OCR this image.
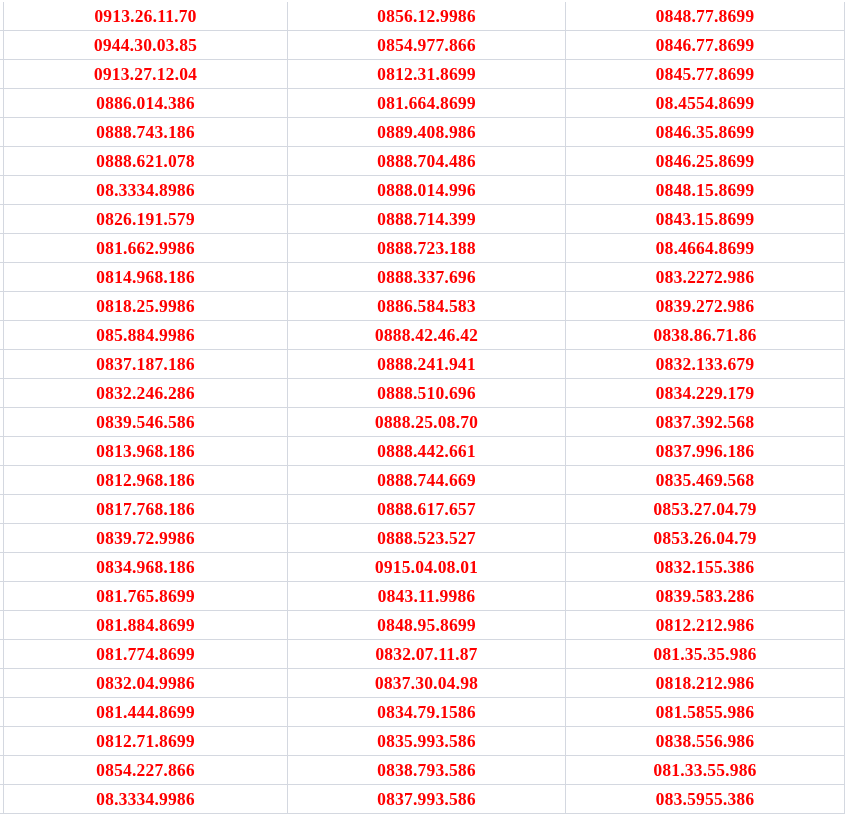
0913.26.11.70	0856.12.9986	0848.77.8699
0944.30.03.85	0854.977.866	0846.77.8699
0913.27.12.04	0812.31.8699	0845.77.8699
0886.014.386	081.664.8699	08.4554.8699
0888.743.186	0889.408.986	0846.35.8699
0888.621.078	0888.704.486	0846.25.8699
08.3334.8986	0888.014.996	0848.15.8699
0826.191.579	0888.714.399	0843.15.8699
081.662.9986	0888.723.188	08.4664.8699
0814.968.186	0888.337.696	083.2272.986
0818.25.9986	0886.584.583	0839.272.986
085.884.9986	0888.42.46.42	0838.86.71.86
0837.187.186	0888.241.941	0832.133.679
0832.246.286	0888.510.696	0834.229.179
0839.546.586	0888.25.08.70	0837.392.568
0813.968.186	0888.442.661	0837.996.186
0812.968.186	0888.744.669	0835.469.568
0817.768.186	0888.617.657	0853.27.04.79
0839.72.9986	0888.523.527	0853.26.04.79
0834.968.186	0915.04.08.01	0832.155.386
081.765.8699	0843.11.9986	0839.583.286
081.884.8699	0848.95.8699	0812.212.986
081.774.8699	0832.07.11.87	081.35.35.986
0832.04.9986	0837.30.04.98	0818.212.986
081.444.8699	0834.79.1586	081.5855.986
0812.71.8699	0835.993.586	0838.556.986
0854.227.866	0838.793.586	081.33.55.986
08.3334.9986	0837.993.586	083.5955.386
